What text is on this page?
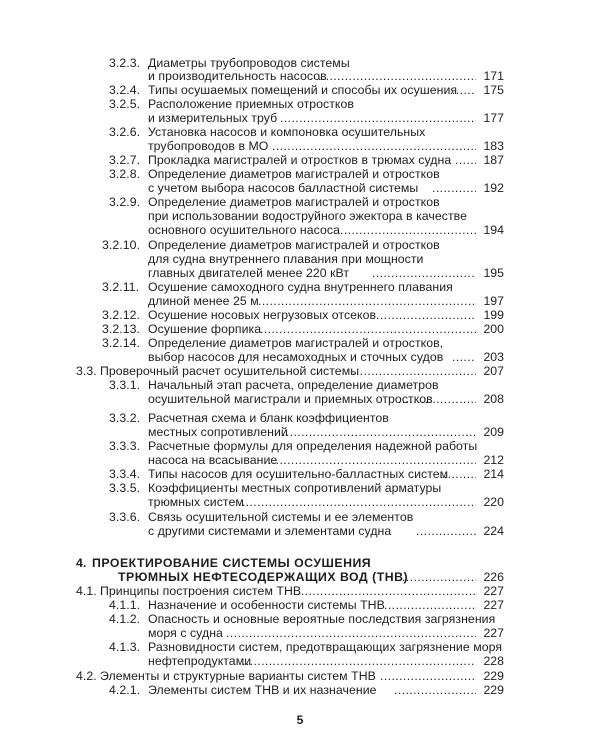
3.2.3. Диаметры трубопроводов системы
и производительность насосов .....	171
3.2.4. Типы осушаемых помещений и способы их осушения .....	175
3.2.5. Расположение приемных отростков
и измерительных труб .....	177
3.2.6. Установка насосов и компоновка осушительных
трубопроводов в МО .....	183
3.2.7. Прокладка магистралей и отростков в трюмах судна .....	187
3.2.8. Определение диаметров магистралей и отростков
с учетом выбора насосов балластной системы .....	192
3.2.9. Определение диаметров магистралей и отростков
при использовании водоструйного эжектора в качестве
основного осушительного насоса .....	194
3.2.10. Определение диаметров магистралей и отростков
для судна внутреннего плавания при мощности
главных двигателей менее 220 кВт .....	195
3.2.11. Осушение самоходного судна внутреннего плавания
длиной менее 25 м .....	197
3.2.12. Осушение носовых негрузовых отсеков .....	199
3.2.13. Осушение форпика .....	200
3.2.14. Определение диаметров магистралей и отростков,
выбор насосов для несамоходных и сточных судов .....	203
3.3. Проверочный расчет осушительной системы .....	207
3.3.1. Начальный этап расчета, определение диаметров
осушительной магистрали и приемных отростков .....	208
3.3.2. Расчетная схема и бланк коэффициентов
местных сопротивлений .....	209
3.3.3. Расчетные формулы для определения надежной работы
насоса на всасывание .....	212
3.3.4. Типы насосов для осушительно-балластных систем .....	214
3.3.5. Коэффициенты местных сопротивлений арматуры
трюмных систем .....	220
3.3.6. Связь осушительной системы и ее элементов
с другими системами и элементами судна .....	224
4. ПРОЕКТИРОВАНИЕ СИСТЕМЫ ОСУШЕНИЯ
ТРЮМНЫХ НЕФТЕСОДЕРЖАЩИХ ВОД (ТНВ) .....	226
4.1. Принципы построения систем ТНВ .....	227
4.1.1. Назначение и особенности системы ТНВ .....	227
4.1.2. Опасность и основные вероятные последствия загрязнения
моря с судна .....	227
4.1.3. Разновидности систем, предотвращающих загрязнение моря
нефтепродуктами .....	228
4.2. Элементы и структурные варианты систем ТНВ .....	229
4.2.1. Элементы систем ТНВ и их назначение .....	229
5
